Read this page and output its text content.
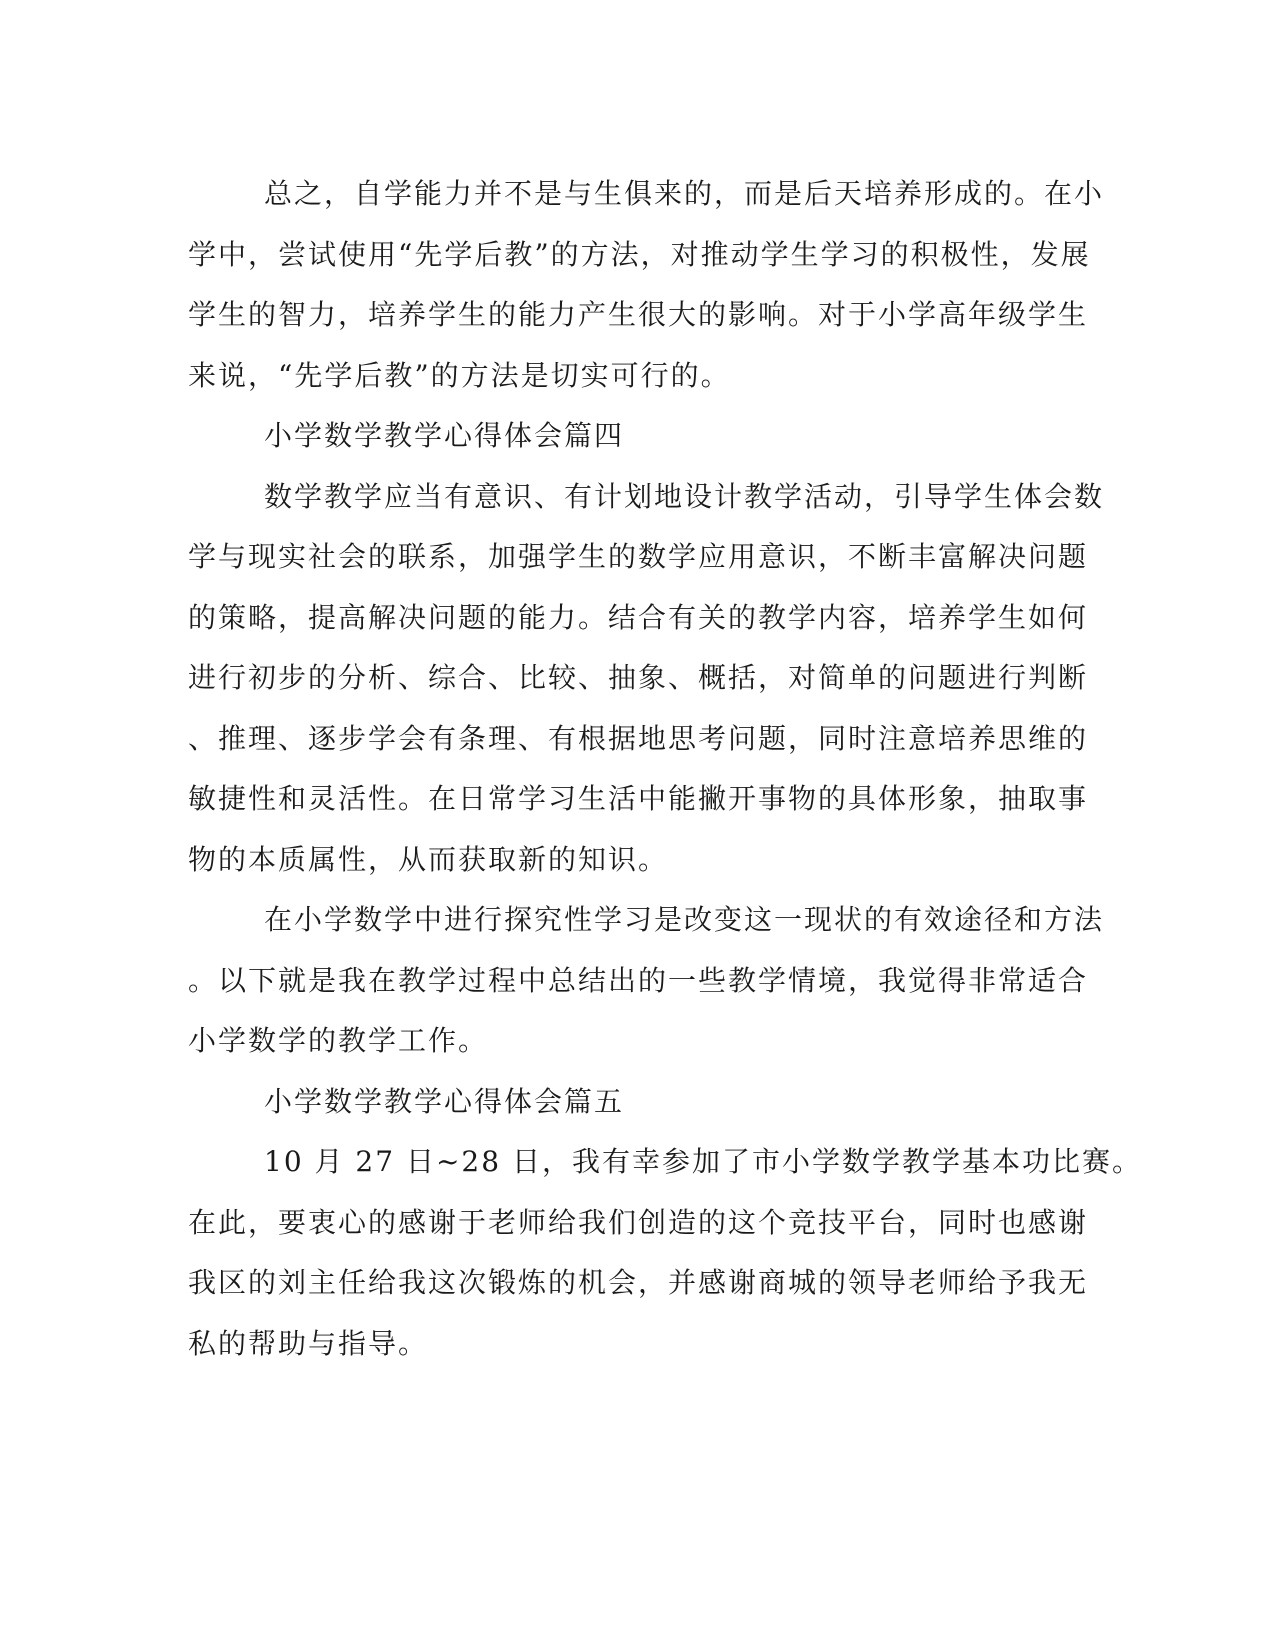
总之，自学能力并不是与生俱来的，而是后天培养形成的。在小
学中，尝试使用“先学后教”的方法，对推动学生学习的积极性，发展
学生的智力，培养学生的能力产生很大的影响。对于小学高年级学生
来说，“先学后教”的方法是切实可行的。
小学数学教学心得体会篇四
数学教学应当有意识、有计划地设计教学活动，引导学生体会数
学与现实社会的联系，加强学生的数学应用意识，不断丰富解决问题
的策略，提高解决问题的能力。结合有关的教学内容，培养学生如何
进行初步的分析、综合、比较、抽象、概括，对简单的问题进行判断
、推理、逐步学会有条理、有根据地思考问题，同时注意培养思维的
敏捷性和灵活性。在日常学习生活中能撇开事物的具体形象，抽取事
物的本质属性，从而获取新的知识。
在小学数学中进行探究性学习是改变这一现状的有效途径和方法
。以下就是我在教学过程中总结出的一些教学情境，我觉得非常适合
小学数学的教学工作。
小学数学教学心得体会篇五
10 月 27 日~28 日，我有幸参加了市小学数学教学基本功比赛。
在此，要衷心的感谢于老师给我们创造的这个竞技平台，同时也感谢
我区的刘主任给我这次锻炼的机会，并感谢商城的领导老师给予我无
私的帮助与指导。
